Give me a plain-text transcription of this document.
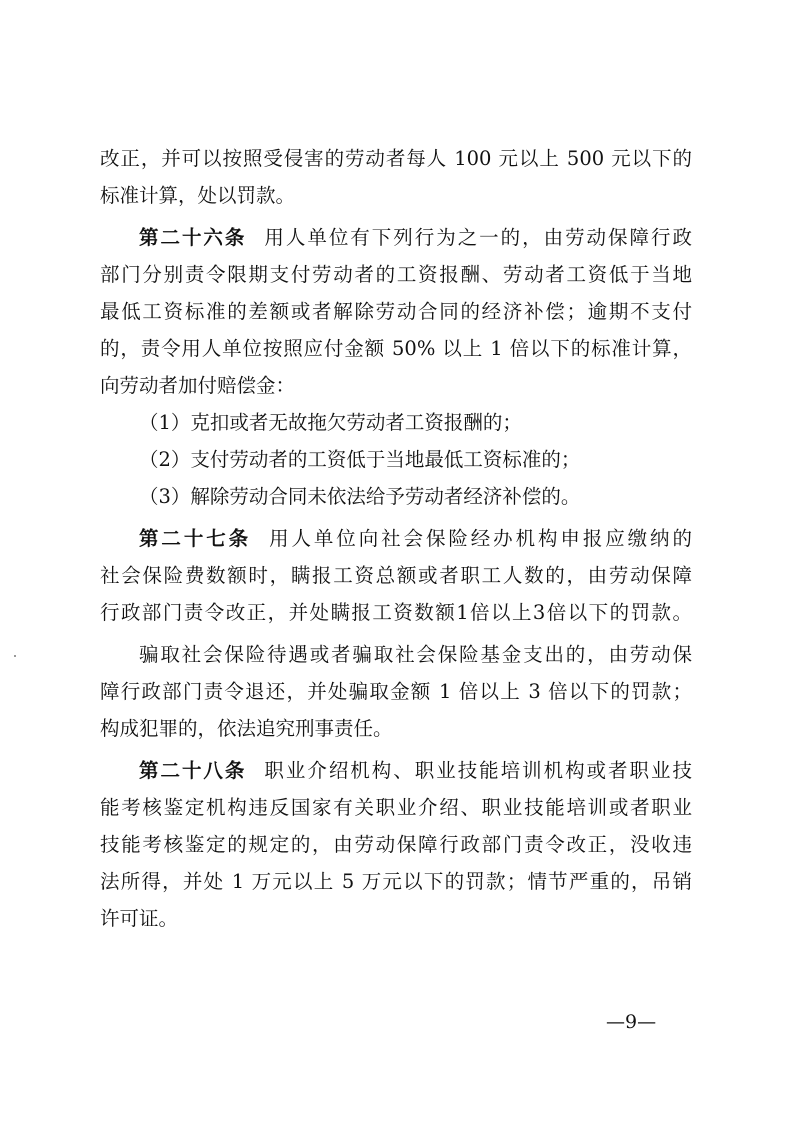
改正，并可以按照受侵害的劳动者每人 100 元以上 500 元以下的
标准计算，处以罚款。
第二十六条 用人单位有下列行为之一的，由劳动保障行政
部门分别责令限期支付劳动者的工资报酬、劳动者工资低于当地
最低工资标准的差额或者解除劳动合同的经济补偿；逾期不支付
的，责令用人单位按照应付金额 50% 以上 1 倍以下的标准计算，
向劳动者加付赔偿金：
（1）克扣或者无故拖欠劳动者工资报酬的；
（2）支付劳动者的工资低于当地最低工资标准的；
（3）解除劳动合同未依法给予劳动者经济补偿的。
第二十七条 用人单位向社会保险经办机构申报应缴纳的
社会保险费数额时，瞒报工资总额或者职工人数的，由劳动保障
行政部门责令改正，并处瞒报工资数额1倍以上3倍以下的罚款。
骗取社会保险待遇或者骗取社会保险基金支出的，由劳动保
障行政部门责令退还，并处骗取金额 1 倍以上 3 倍以下的罚款；
构成犯罪的，依法追究刑事责任。
第二十八条 职业介绍机构、职业技能培训机构或者职业技
能考核鉴定机构违反国家有关职业介绍、职业技能培训或者职业
技能考核鉴定的规定的，由劳动保障行政部门责令改正，没收违
法所得，并处 1 万元以上 5 万元以下的罚款；情节严重的，吊销
许可证。
—9—
